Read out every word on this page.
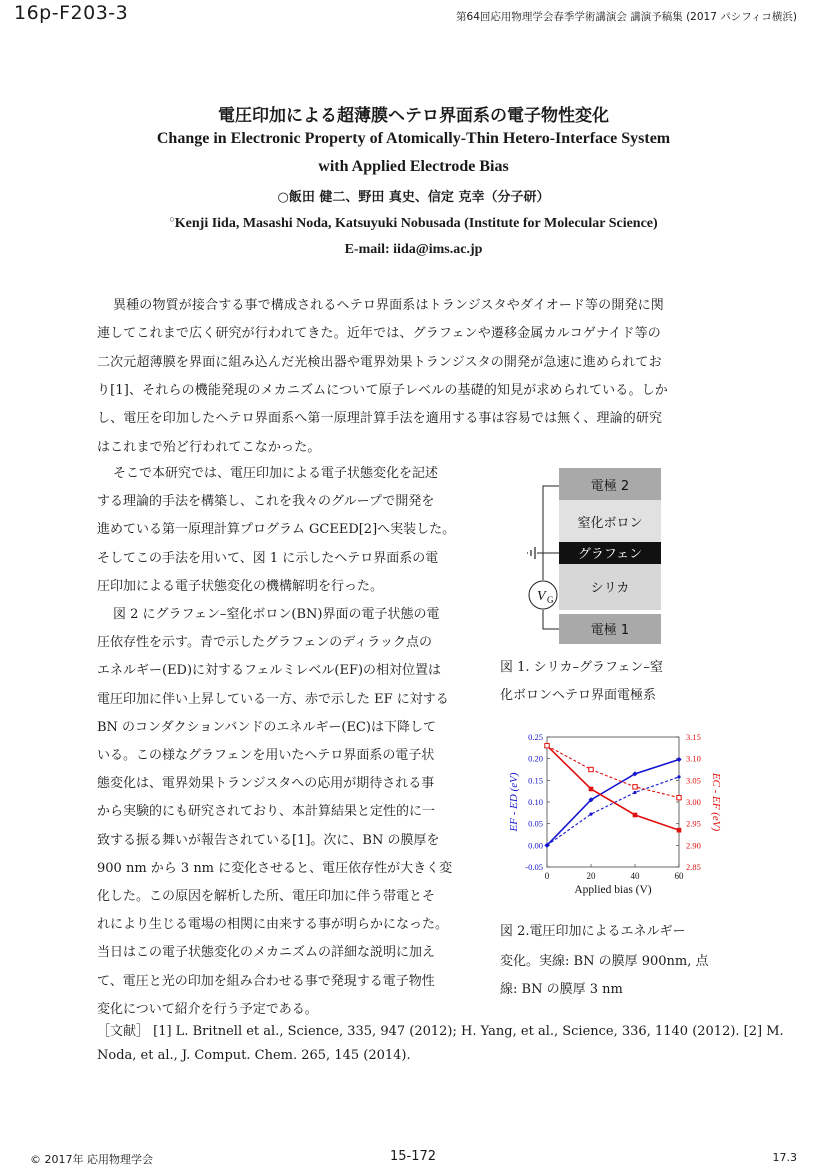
16p-F203-3	第64回応用物理学会春季学術講演会 講演予稿集 (2017 パシフィコ横浜)
電圧印加による超薄膜ヘテロ界面系の電子物性変化
Change in Electronic Property of Atomically-Thin Hetero-Interface System
with Applied Electrode Bias
○飯田 健二、野田 真史、信定 克幸（分子研）
○Kenji Iida, Masashi Noda, Katsuyuki Nobusada (Institute for Molecular Science)
E-mail: iida@ims.ac.jp
異種の物質が接合する事で構成されるヘテロ界面系はトランジスタやダイオード等の開発に関
連してこれまで広く研究が行われてきた。近年では、グラフェンや遷移金属カルコゲナイド等の
二次元超薄膜を界面に組み込んだ光検出器や電界効果トランジスタの開発が急速に進められてお
り[1]、それらの機能発現のメカニズムについて原子レベルの基礎的知見が求められている。しか
し、電圧を印加したヘテロ界面系へ第一原理計算手法を適用する事は容易では無く、理論的研究
はこれまで殆ど行われてこなかった。
そこで本研究では、電圧印加による電子状態変化を記述
する理論的手法を構築し、これを我々のグループで開発を
進めている第一原理計算プログラム GCEED[2]へ実装した。
そしてこの手法を用いて、図 1 に示したヘテロ界面系の電
圧印加による電子状態変化の機構解明を行った。
図 2 にグラフェン–窒化ボロン(BN)界面の電子状態の電
圧依存性を示す。青で示したグラフェンのディラック点の
エネルギー(ED)に対するフェルミレベル(EF)の相対位置は
電圧印加に伴い上昇している一方、赤で示した EF に対する
BN のコンダクションバンドのエネルギー(EC)は下降して
いる。この様なグラフェンを用いたヘテロ界面系の電子状
態変化は、電界効果トランジスタへの応用が期待される事
から実験的にも研究されており、本計算結果と定性的に一
致する振る舞いが報告されている[1]。次に、BN の膜厚を
900 nm から 3 nm に変化させると、電圧依存性が大きく変
化した。この原因を解析した所、電圧印加に伴う帯電とそ
れにより生じる電場の相関に由来する事が明らかになった。
当日はこの電子状態変化のメカニズムの詳細な説明に加え
て、電圧と光の印加を組み合わせる事で発現する電子物性
変化について紹介を行う予定である。
［文献］ [1] L. Britnell et al., Science, 335, 947 (2012); H. Yang, et al., Science, 336, 1140 (2012). [2] M.
Noda, et al., J. Comput. Chem. 265, 145 (2014).
電極 2
窒化ボロン
グラフェン
シリカ
電極 1
V G
図 1. シリカ–グラフェン–窒
化ボロンヘテロ界面電極系
-0.05
0.00
0.05
0.10
0.15
0.20
0.25
2.85
2.90
2.95
3.00
3.05
3.10
3.15
0	20	40	60
Applied bias (V)
EF - ED (eV)	EC - EF (eV)
図 2.電圧印加によるエネルギー
変化。実線: BN の膜厚 900nm, 点
線: BN の膜厚 3 nm
© 2017年 応用物理学会	15-172	17.3
